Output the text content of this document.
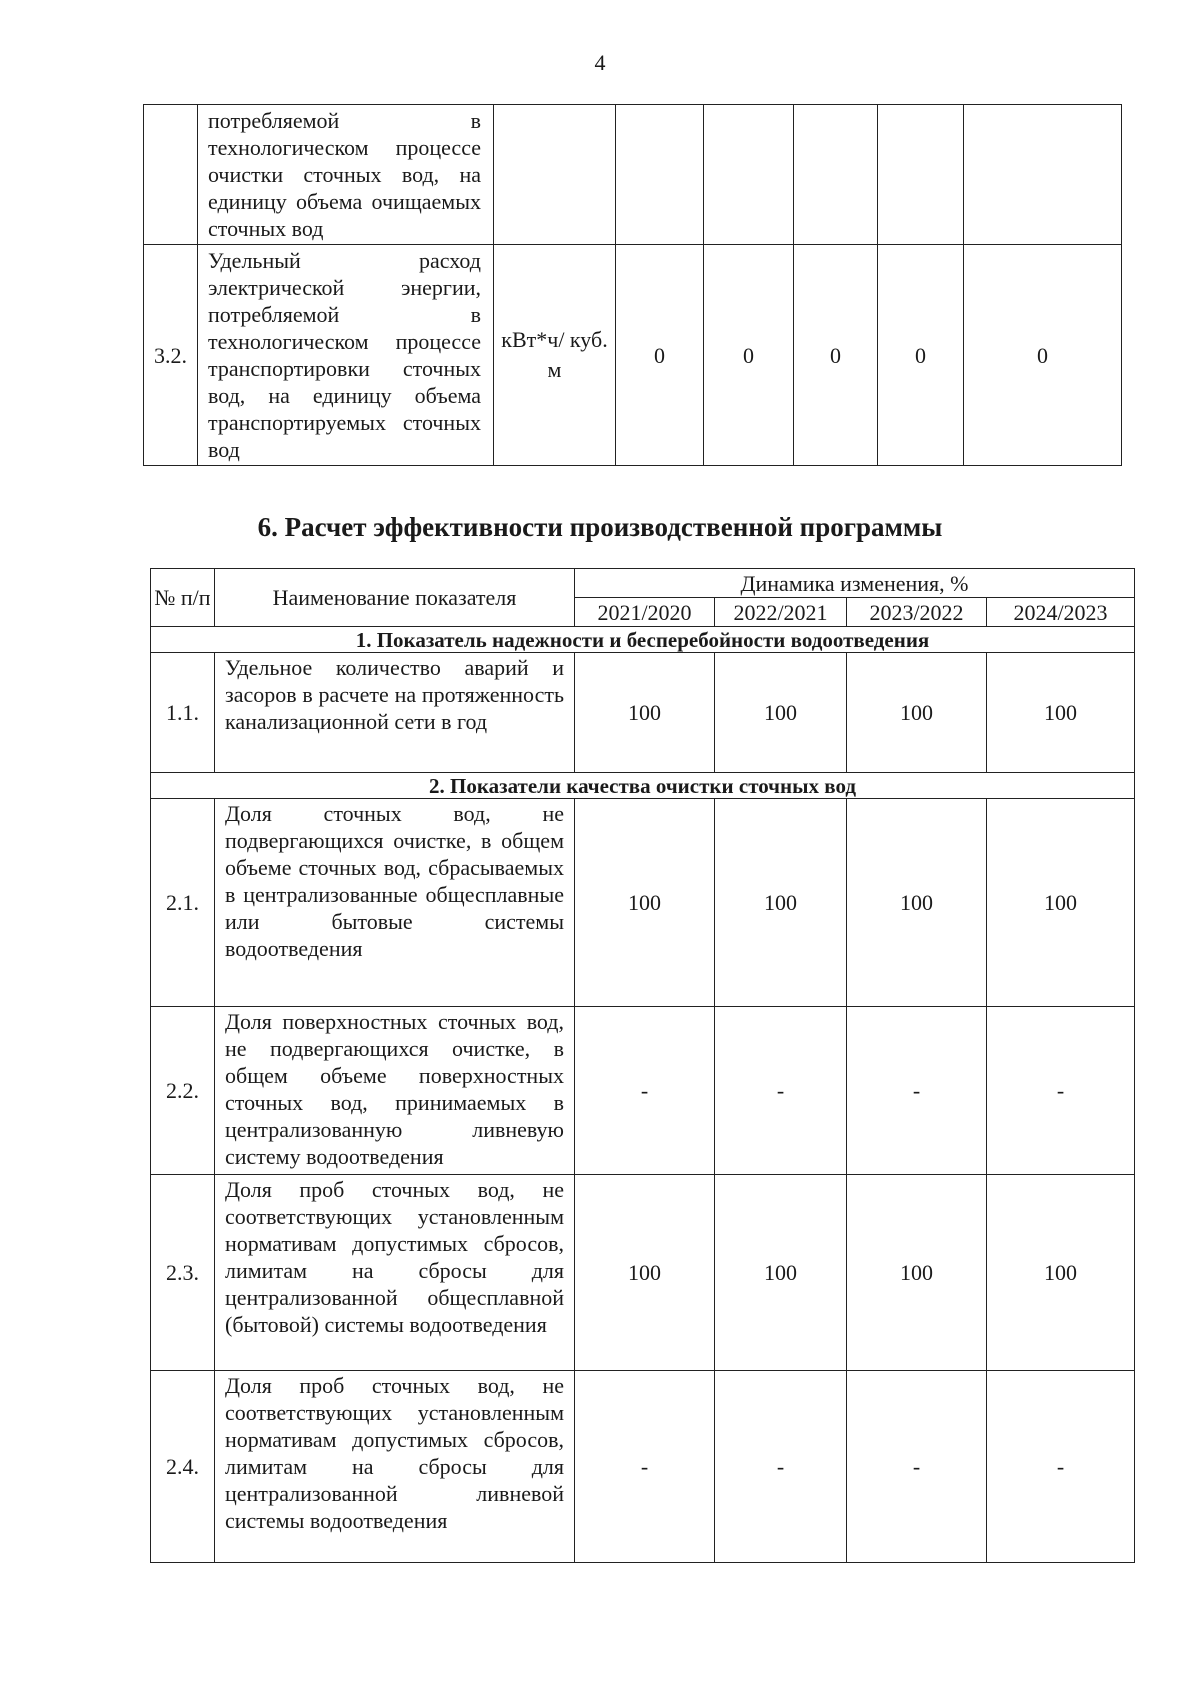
4
	потребляемой в технологическом процессе очистки сточных вод, на единицу объема очищаемых сточных вод						
3.2.	Удельный расход электрической энергии, потребляемой в технологическом процессе транспортировки сточных вод, на единицу объема транспортируемых сточных вод	кВт*ч/ куб. м	0	0	0	0	0
6. Расчет эффективности производственной программы
№ п/п	Наименование показателя	Динамика изменения, %			
		2021/2020	2022/2021	2023/2022	2024/2023
1. Показатель надежности и бесперебойности водоотведения					
1.1.	Удельное количество аварий и засоров в расчете на протяженность канализационной сети в год	100	100	100	100
2. Показатели качества очистки сточных вод					
2.1.	Доля сточных вод, не подвергающихся очистке, в общем объеме сточных вод, сбрасываемых в централизованные общесплавные или бытовые системы водоотведения	100	100	100	100
2.2.	Доля поверхностных сточных вод, не подвергающихся очистке, в общем объеме поверхностных сточных вод, принимаемых в централизованную ливневую систему водоотведения	-	-	-	-
2.3.	Доля проб сточных вод, не соответствующих установленным нормативам допустимых сбросов, лимитам на сбросы для централизованной общесплавной (бытовой) системы водоотведения	100	100	100	100
2.4.	Доля проб сточных вод, не соответствующих установленным нормативам допустимых сбросов, лимитам на сбросы для централизованной ливневой системы водоотведения	-	-	-	-
